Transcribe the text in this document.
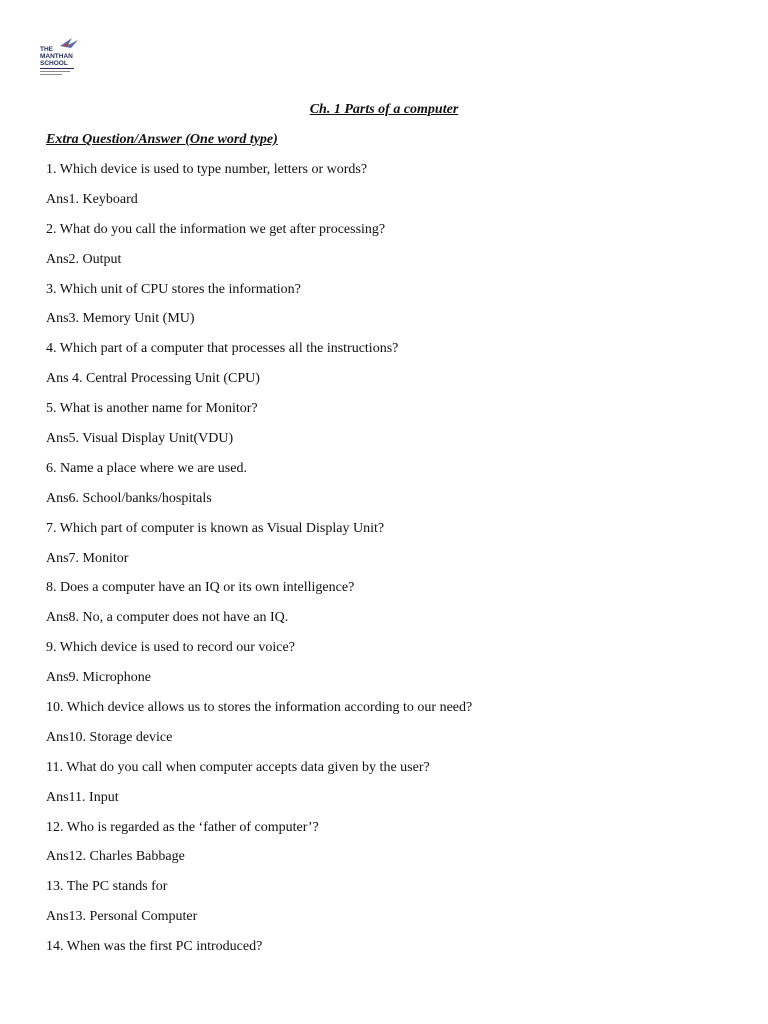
THE
MANTHAN
SCHOOL
Ch. 1 Parts of a computer
Extra Question/Answer (One word type)
1. Which device is used to type number, letters or words?
Ans1. Keyboard
2. What do you call the information we get after processing?
Ans2. Output
3. Which unit of CPU stores the information?
Ans3. Memory Unit (MU)
4. Which part of a computer that processes all the instructions?
Ans 4. Central Processing Unit (CPU)
5. What is another name for Monitor?
Ans5. Visual Display Unit(VDU)
6. Name a place where we are used.
Ans6. School/banks/hospitals
7. Which part of computer is known as Visual Display Unit?
Ans7. Monitor
8. Does a computer have an IQ or its own intelligence?
Ans8. No, a computer does not have an IQ.
9. Which device is used to record our voice?
Ans9. Microphone
10. Which device allows us to stores the information according to our need?
Ans10. Storage device
11. What do you call when computer accepts data given by the user?
Ans11. Input
12. Who is regarded as the ‘father of computer’?
Ans12. Charles Babbage
13. The PC stands for
Ans13. Personal Computer
14. When was the first PC introduced?
